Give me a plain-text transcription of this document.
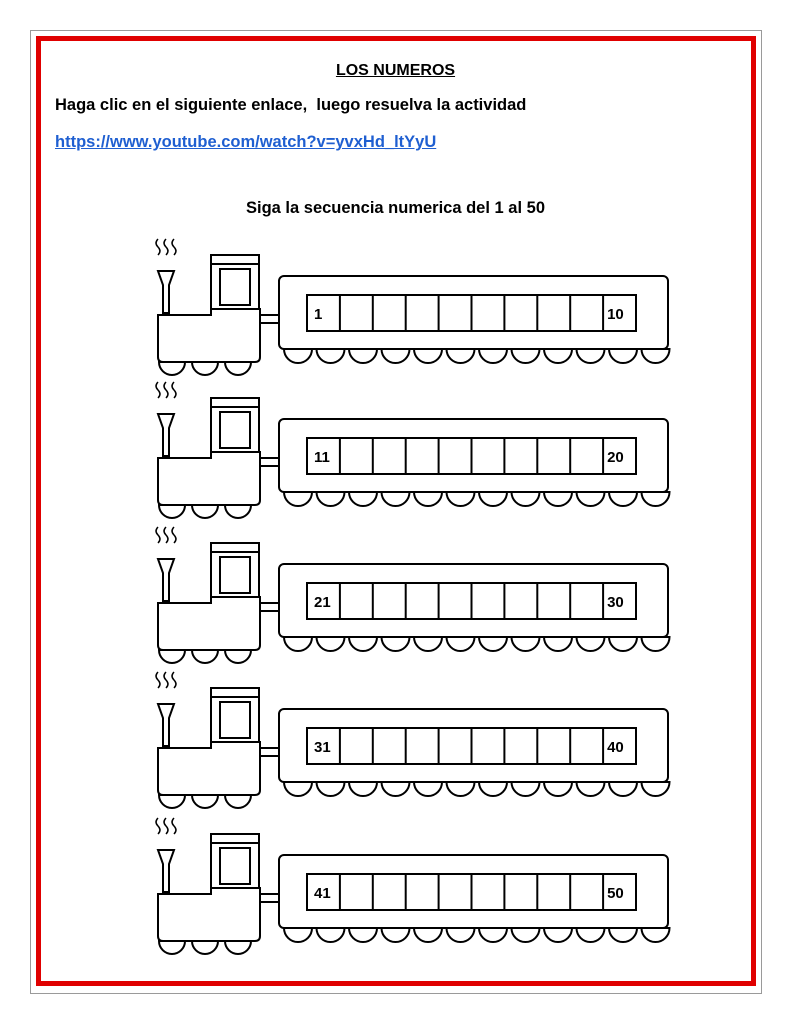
LOS NUMEROS
Haga clic en el siguiente enlace,  luego resuelva la actividad
https://www.youtube.com/watch?v=yvxHd_ltYyU
Siga la secuencia numerica del 1 al 50
1	10
11	20
21	30
31	40
41	50
